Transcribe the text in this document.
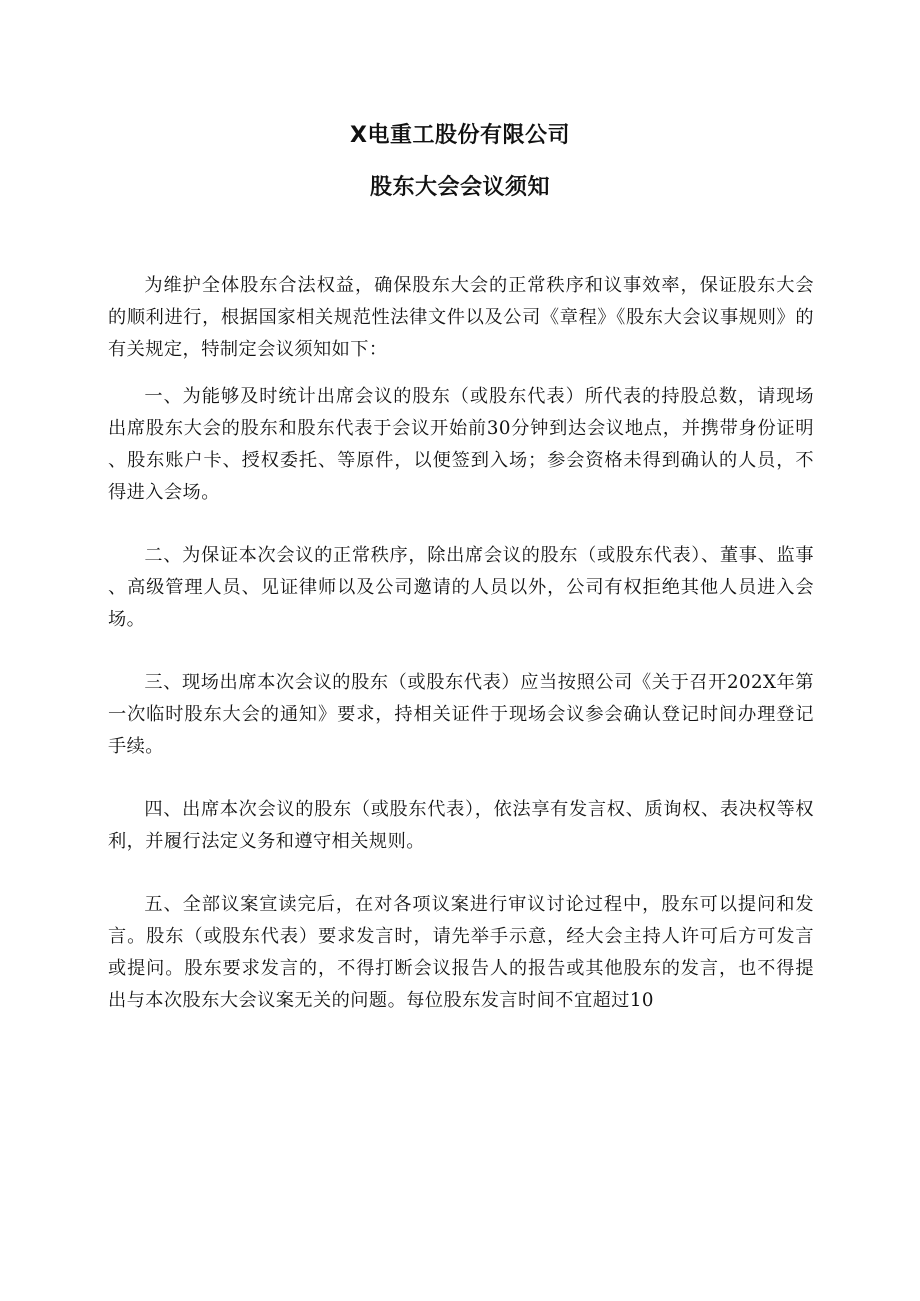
X电重工股份有限公司
股东大会会议须知

为维护全体股东合法权益，确保股东大会的正常秩序和议事效率，保证股东大会的顺利进行，根据国家相关规范性法律文件以及公司《章程》《股东大会议事规则》的有关规定，特制定会议须知如下：

一、为能够及时统计出席会议的股东（或股东代表）所代表的持股总数，请现场出席股东大会的股东和股东代表于会议开始前30分钟到达会议地点，并携带身份证明、股东账户卡、授权委托、等原件，以便签到入场；参会资格未得到确认的人员，不得进入会场。

二、为保证本次会议的正常秩序，除出席会议的股东（或股东代表）、董事、监事、高级管理人员、见证律师以及公司邀请的人员以外，公司有权拒绝其他人员进入会场。

三、现场出席本次会议的股东（或股东代表）应当按照公司《关于召开202X年第一次临时股东大会的通知》要求，持相关证件于现场会议参会确认登记时间办理登记手续。

四、出席本次会议的股东（或股东代表），依法享有发言权、质询权、表决权等权利，并履行法定义务和遵守相关规则。

五、全部议案宣读完后，在对各项议案进行审议讨论过程中，股东可以提问和发言。股东（或股东代表）要求发言时，请先举手示意，经大会主持人许可后方可发言或提问。股东要求发言的，不得打断会议报告人的报告或其他股东的发言，也不得提出与本次股东大会议案无关的问题。每位股东发言时间不宜超过10
